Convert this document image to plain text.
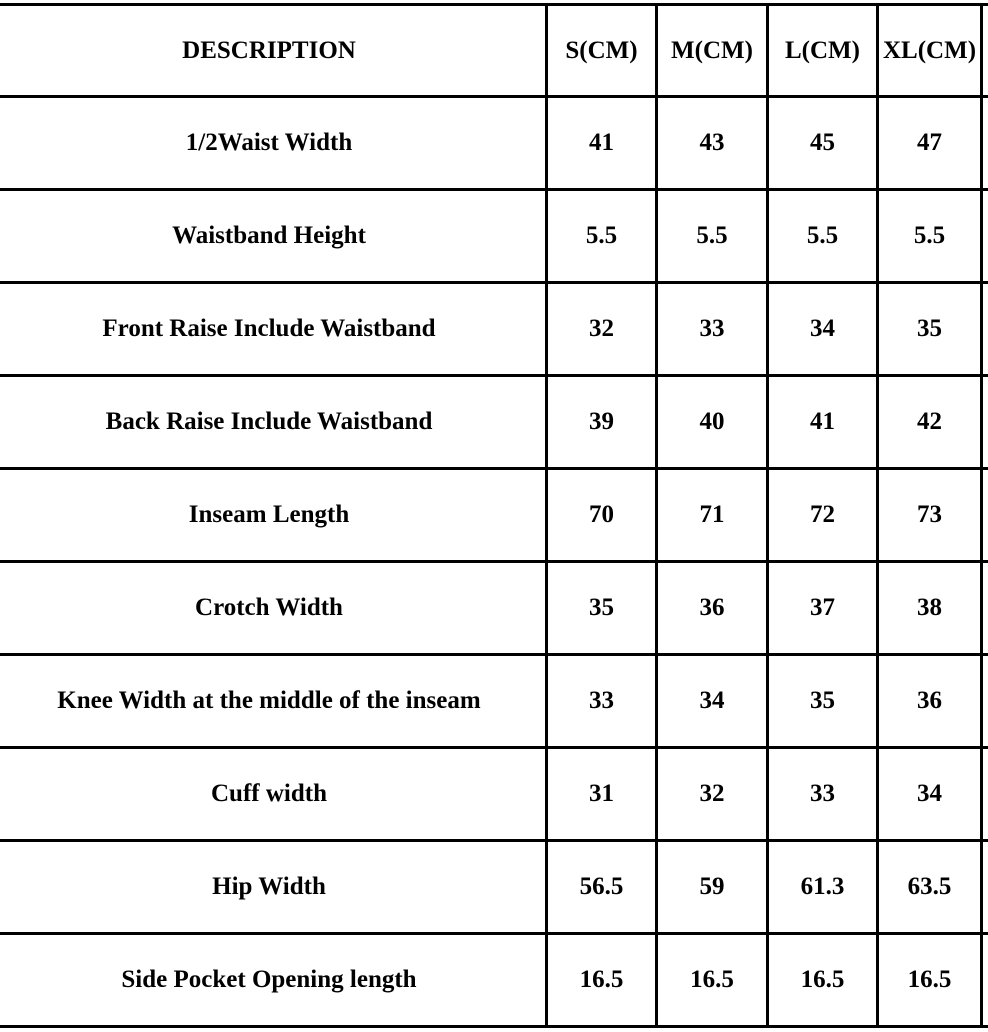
DESCRIPTION	S(CM)	M(CM)	L(CM)	XL(CM)	
1/2Waist Width	41	43	45	47	
Waistband Height	5.5	5.5	5.5	5.5	
Front Raise Include Waistband	32	33	34	35	
Back Raise Include Waistband	39	40	41	42	
Inseam Length	70	71	72	73	
Crotch Width	35	36	37	38	
Knee Width at the middle of the inseam	33	34	35	36	
Cuff width	31	32	33	34	
Hip Width	56.5	59	61.3	63.5	
Side Pocket Opening length	16.5	16.5	16.5	16.5	
